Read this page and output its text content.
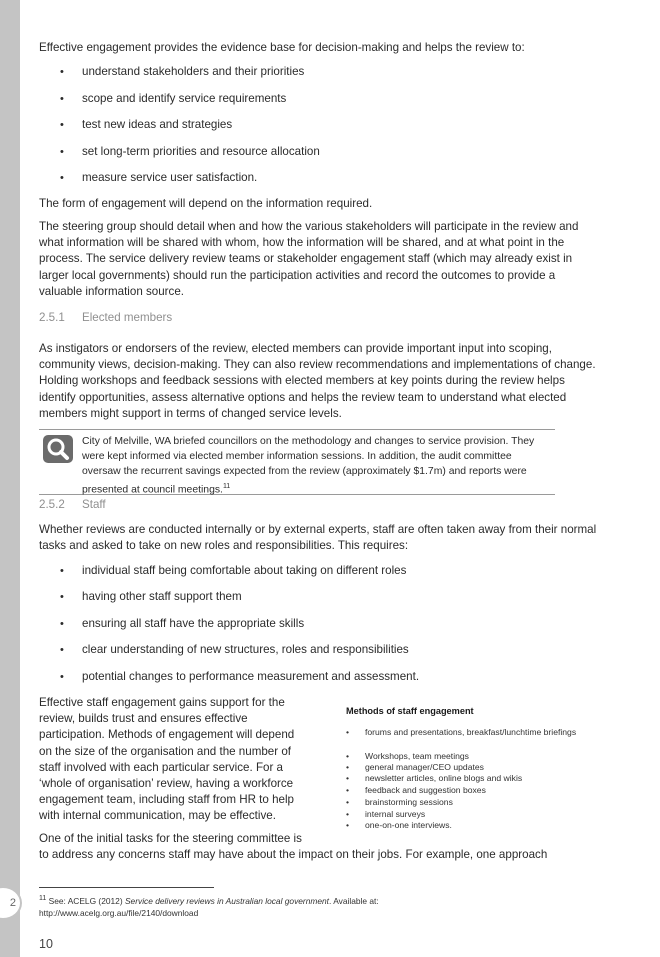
2

Effective engagement provides the evidence base for decision-making and helps the review to:

• understand stakeholders and their priorities
• scope and identify service requirements
• test new ideas and strategies
• set long-term priorities and resource allocation
• measure service user satisfaction.

The form of engagement will depend on the information required.

The steering group should detail when and how the various stakeholders will participate in the review and what information will be shared with whom, how the information will be shared, and at what point in the process. The service delivery review teams or stakeholder engagement staff (which may already exist in larger local governments) should run the participation activities and record the outcomes to provide a valuable information source.

2.5.1 Elected members

As instigators or endorsers of the review, elected members can provide important input into scoping, community views, decision-making. They can also review recommendations and implementations of change. Holding workshops and feedback sessions with elected members at key points during the review helps identify opportunities, assess alternative options and helps the review team to understand what elected members might support in terms of changed service levels.

City of Melville, WA briefed councillors on the methodology and changes to service provision. They were kept informed via elected member information sessions. In addition, the audit committee oversaw the recurrent savings expected from the review (approximately $1.7m) and reports were presented at council meetings.$^{11}$
2.5.2 Staff

Whether reviews are conducted internally or by external experts, staff are often taken away from their normal tasks and asked to take on new roles and responsibilities. This requires:

• individual staff being comfortable about taking on different roles
• having other staff support them
• ensuring all staff have the appropriate skills
• clear understanding of new structures, roles and responsibilities
• potential changes to performance measurement and assessment.
Effective staff engagement gains support for the
review, builds trust and ensures effective
participation. Methods of engagement will depend
on the size of the organisation and the number of
staff involved with each particular service. For a
‘whole of organisation’ review, having a workforce
engagement team, including staff from HR to help
with internal communication, may be effective.
Methods of staff engagement
• forums and presentations, breakfast/lunchtime briefings
• Workshops, team meetings
• general manager/CEO updates
• newsletter articles, online blogs and wikis
• feedback and suggestion boxes
• brainstorming sessions
• internal surveys
• one-on-one interviews.
One of the initial tasks for the steering committee is
to address any concerns staff may have about the impact on their jobs. For example, one approach
$^{11}$ See: ACELG (2012) Service delivery reviews in Australian local government. Available at:
http://www.acelg.org.au/file/2140/download
10
